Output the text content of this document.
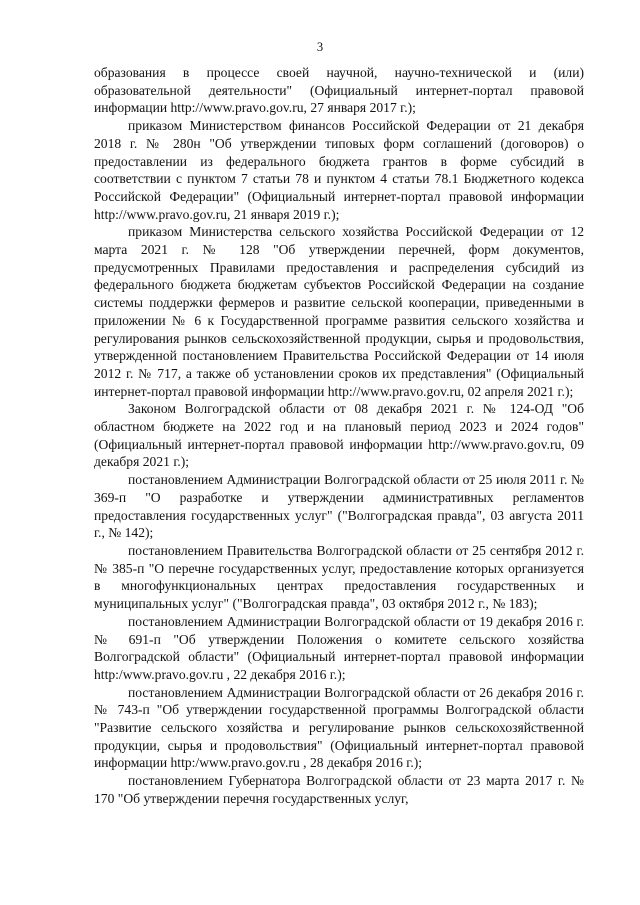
3

образования в процессе своей научной, научно-технической и (или) образовательной деятельности" (Официальный интернет-портал правовой информации http://www.pravo.gov.ru, 27 января 2017 г.);

приказом Министерством финансов Российской Федерации от 21 декабря 2018 г. № 280н "Об утверждении типовых форм соглашений (договоров) о предоставлении из федерального бюджета грантов в форме субсидий в соответствии с пунктом 7 статьи 78 и пунктом 4 статьи 78.1 Бюджетного кодекса Российской Федерации" (Официальный интернет-портал правовой информации http://www.pravo.gov.ru, 21 января 2019 г.);

приказом Министерства сельского хозяйства Российской Федерации от 12 марта 2021 г. № 128 "Об утверждении перечней, форм документов, предусмотренных Правилами предоставления и распределения субсидий из федерального бюджета бюджетам субъектов Российской Федерации на создание системы поддержки фермеров и развитие сельской кооперации, приведенными в приложении № 6 к Государственной программе развития сельского хозяйства и регулирования рынков сельскохозяйственной продукции, сырья и продовольствия, утвержденной постановлением Правительства Российской Федерации от 14 июля 2012 г. № 717, а также об установлении сроков их представления" (Официальный интернет-портал правовой информации http://www.pravo.gov.ru, 02 апреля 2021 г.);

Законом Волгоградской области от 08 декабря 2021 г. № 124-ОД "Об областном бюджете на 2022 год и на плановый период 2023 и 2024 годов" (Официальный интернет-портал правовой информации http://www.pravo.gov.ru, 09 декабря 2021 г.);

постановлением Администрации Волгоградской области от 25 июля 2011 г. № 369-п "О разработке и утверждении административных регламентов предоставления государственных услуг" ("Волгоградская правда", 03 августа 2011 г., № 142);

постановлением Правительства Волгоградской области от 25 сентября 2012 г. № 385-п "О перечне государственных услуг, предоставление которых организуется в многофункциональных центрах предоставления государственных и муниципальных услуг" ("Волгоградская правда", 03 октября 2012 г., № 183);

постановлением Администрации Волгоградской области от 19 декабря 2016 г. № 691-п "Об утверждении Положения о комитете сельского хозяйства Волгоградской области" (Официальный интернет-портал правовой информации http:/www.pravo.gov.ru , 22 декабря 2016 г.);

постановлением Администрации Волгоградской области от 26 декабря 2016 г. № 743-п "Об утверждении государственной программы Волгоградской области "Развитие сельского хозяйства и регулирование рынков сельскохозяйственной продукции, сырья и продовольствия" (Официальный интернет-портал правовой информации http:/www.pravo.gov.ru , 28 декабря 2016 г.);

постановлением Губернатора Волгоградской области от 23 марта 2017 г. № 170 "Об утверждении перечня государственных услуг,
